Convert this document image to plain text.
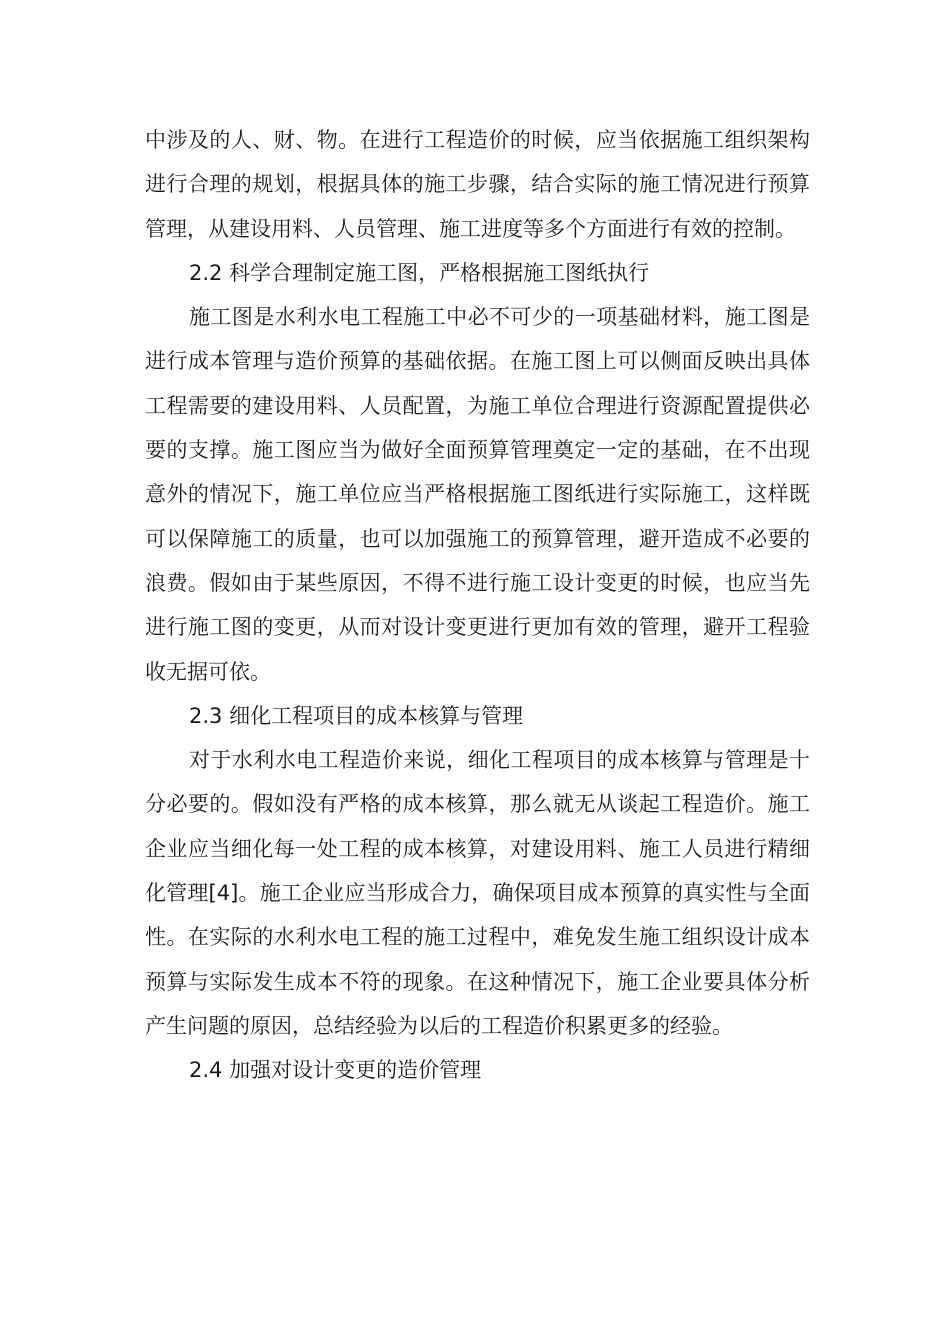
中涉及的人、财、物。在进行工程造价的时候，应当依据施工组织架构进行合理的规划，根据具体的施工步骤，结合实际的施工情况进行预算管理，从建设用料、人员管理、施工进度等多个方面进行有效的控制。

2.2 科学合理制定施工图，严格根据施工图纸执行

施工图是水利水电工程施工中必不可少的一项基础材料，施工图是进行成本管理与造价预算的基础依据。在施工图上可以侧面反映出具体工程需要的建设用料、人员配置，为施工单位合理进行资源配置提供必要的支撑。施工图应当为做好全面预算管理奠定一定的基础，在不出现意外的情况下，施工单位应当严格根据施工图纸进行实际施工，这样既可以保障施工的质量，也可以加强施工的预算管理，避开造成不必要的浪费。假如由于某些原因，不得不进行施工设计变更的时候，也应当先进行施工图的变更，从而对设计变更进行更加有效的管理，避开工程验收无据可依。

2.3 细化工程项目的成本核算与管理

对于水利水电工程造价来说，细化工程项目的成本核算与管理是十分必要的。假如没有严格的成本核算，那么就无从谈起工程造价。施工企业应当细化每一处工程的成本核算，对建设用料、施工人员进行精细化管理[4]。施工企业应当形成合力，确保项目成本预算的真实性与全面性。在实际的水利水电工程的施工过程中，难免发生施工组织设计成本预算与实际发生成本不符的现象。在这种情况下，施工企业要具体分析产生问题的原因，总结经验为以后的工程造价积累更多的经验。

2.4 加强对设计变更的造价管理
